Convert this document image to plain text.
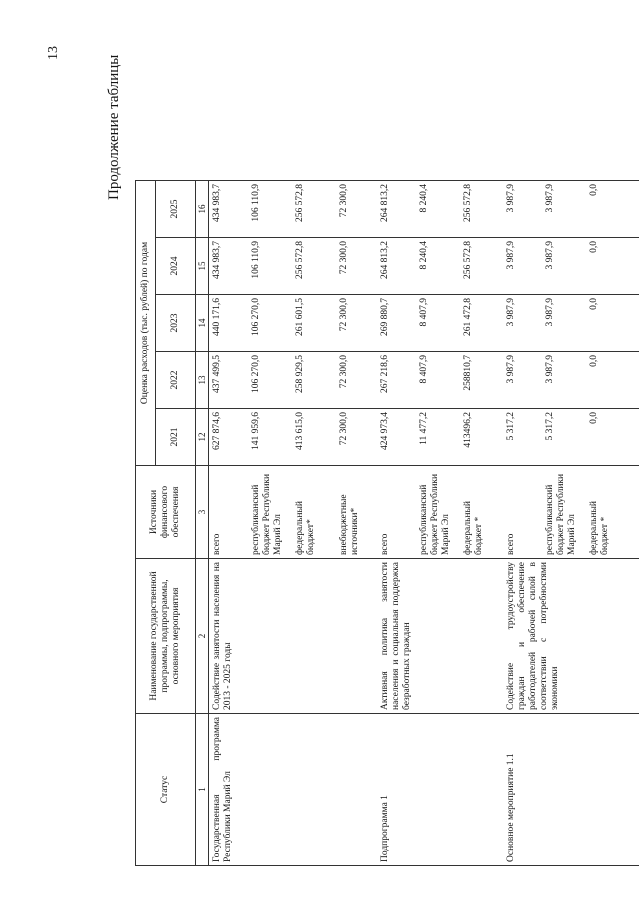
13
Продолжение таблицы
Статус	Наименование государственной программы, подпрограммы, основного мероприятия	Источники финансового обеспечения	Оценка расходов (тыс. рублей) по годам				
			2021	2022	2023	2024	2025
1	2	3	12	13	14	15	16
Государственная программа Республики Марий Эл	Содействие занятости населения на 2013 - 2025 годы	всего	627 874,6	437 499,5	440 171,6	434 983,7	434 983,7
		республиканский бюджет Республики Марий Эл	141 959,6	106 270,0	106 270,0	106 110,9	106 110,9
		федеральный бюджет*	413 615,0	258 929,5	261 601,5	256 572,8	256 572,8
		внебюджетные источники*	72 300,0	72 300,0	72 300,0	72 300,0	72 300,0
Подпрограмма 1	Активная политика занятости населения и социальная поддержка безработных граждан	всего	424 973,4	267 218,6	269 880,7	264 813,2	264 813,2
		республиканский бюджет Республики Марий Эл	11 477,2	8 407,9	8 407,9	8 240,4	8 240,4
		федеральный бюджет *	413496,2	258810,7	261 472,8	256 572,8	256 572,8
Основное мероприятие 1.1	Содействие трудоустройству граждан и обеспечение работодателей рабочей силой в соответствии с потребностями экономики	всего	5 317,2	3 987,9	3 987,9	3 987,9	3 987,9
		республиканский бюджет Республики Марий Эл	5 317,2	3 987,9	3 987,9	3 987,9	3 987,9
		федеральный бюджет *	0,0	0,0	0,0	0,0	0,0
